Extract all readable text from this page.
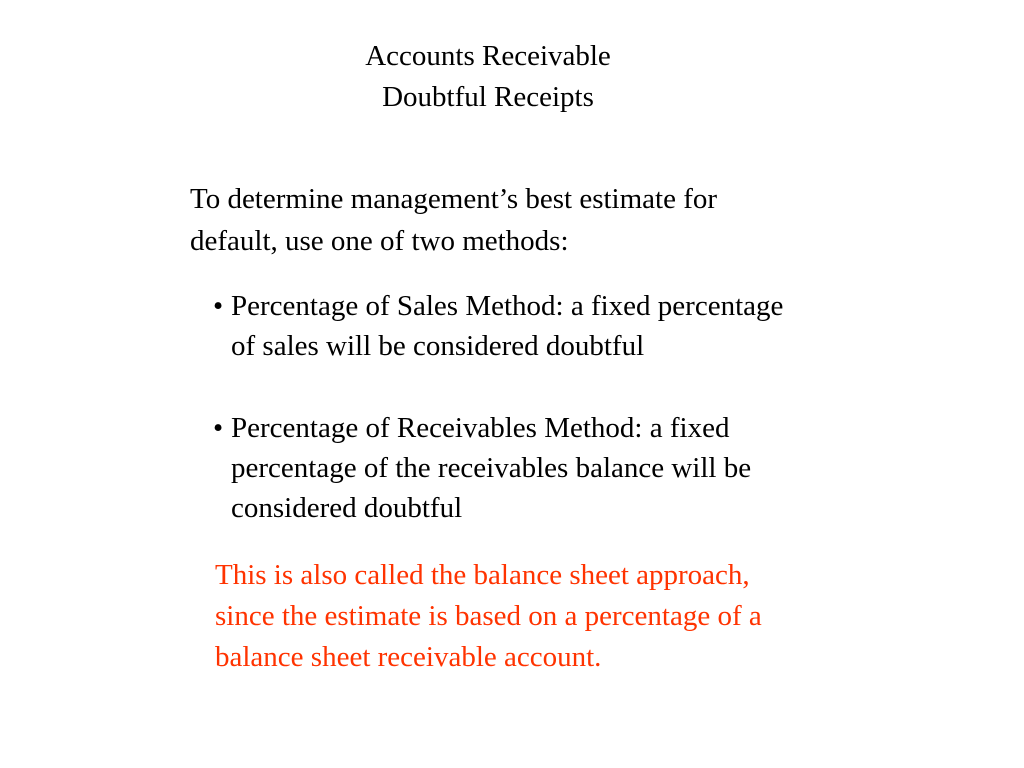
Accounts Receivable
Doubtful Receipts
To determine management’s best estimate for
default, use one of two methods:
• Percentage of Sales Method: a fixed percentage
of sales will be considered doubtful
• Percentage of Receivables Method: a fixed
percentage of the receivables balance will be
considered doubtful
This is also called the balance sheet approach,
since the estimate is based on a percentage of a
balance sheet receivable account.
